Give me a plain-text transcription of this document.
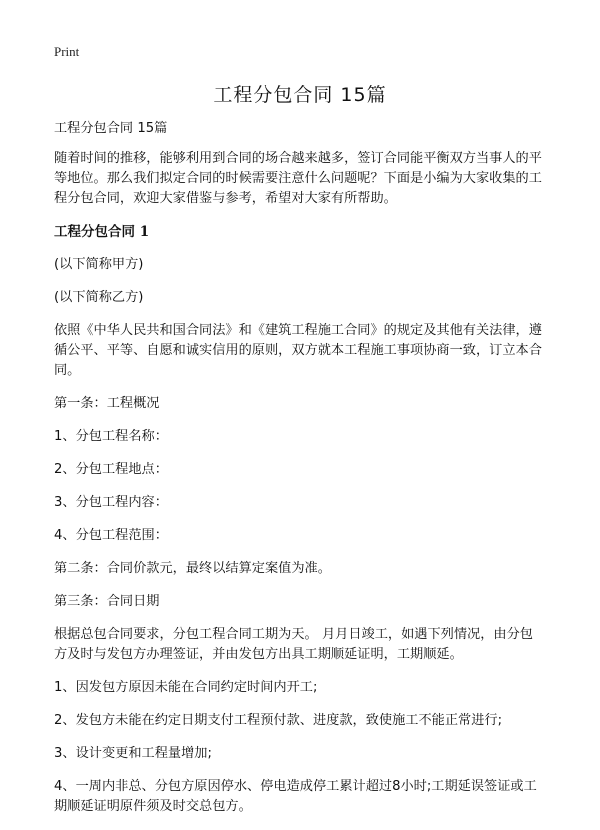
Print
工程分包合同 15篇

工程分包合同 15篇

随着时间的推移，能够利用到合同的场合越来越多，签订合同能平衡双方当事人的平等地位。那么我们拟定合同的时候需要注意什么问题呢？下面是小编为大家收集的工程分包合同，欢迎大家借鉴与参考，希望对大家有所帮助。

工程分包合同 1

(以下简称甲方)

(以下简称乙方)

依照《中华人民共和国合同法》和《建筑工程施工合同》的规定及其他有关法律，遵循公平、平等、自愿和诚实信用的原则，双方就本工程施工事项协商一致，订立本合同。

第一条：工程概况

1、分包工程名称：

2、分包工程地点：

3、分包工程内容：

4、分包工程范围：

第二条：合同价款元，最终以结算定案值为准。

第三条：合同日期

根据总包合同要求，分包工程合同工期为天。 月月日竣工，如遇下列情况，由分包方及时与发包方办理签证，并由发包方出具工期顺延证明，工期顺延。

1、因发包方原因未能在合同约定时间内开工;

2、发包方未能在约定日期支付工程预付款、进度款，致使施工不能正常进行;

3、设计变更和工程量增加;

4、一周内非总、分包方原因停水、停电造成停工累计超过8小时;工期延误签证或工期顺延证明原件须及时交总包方。
